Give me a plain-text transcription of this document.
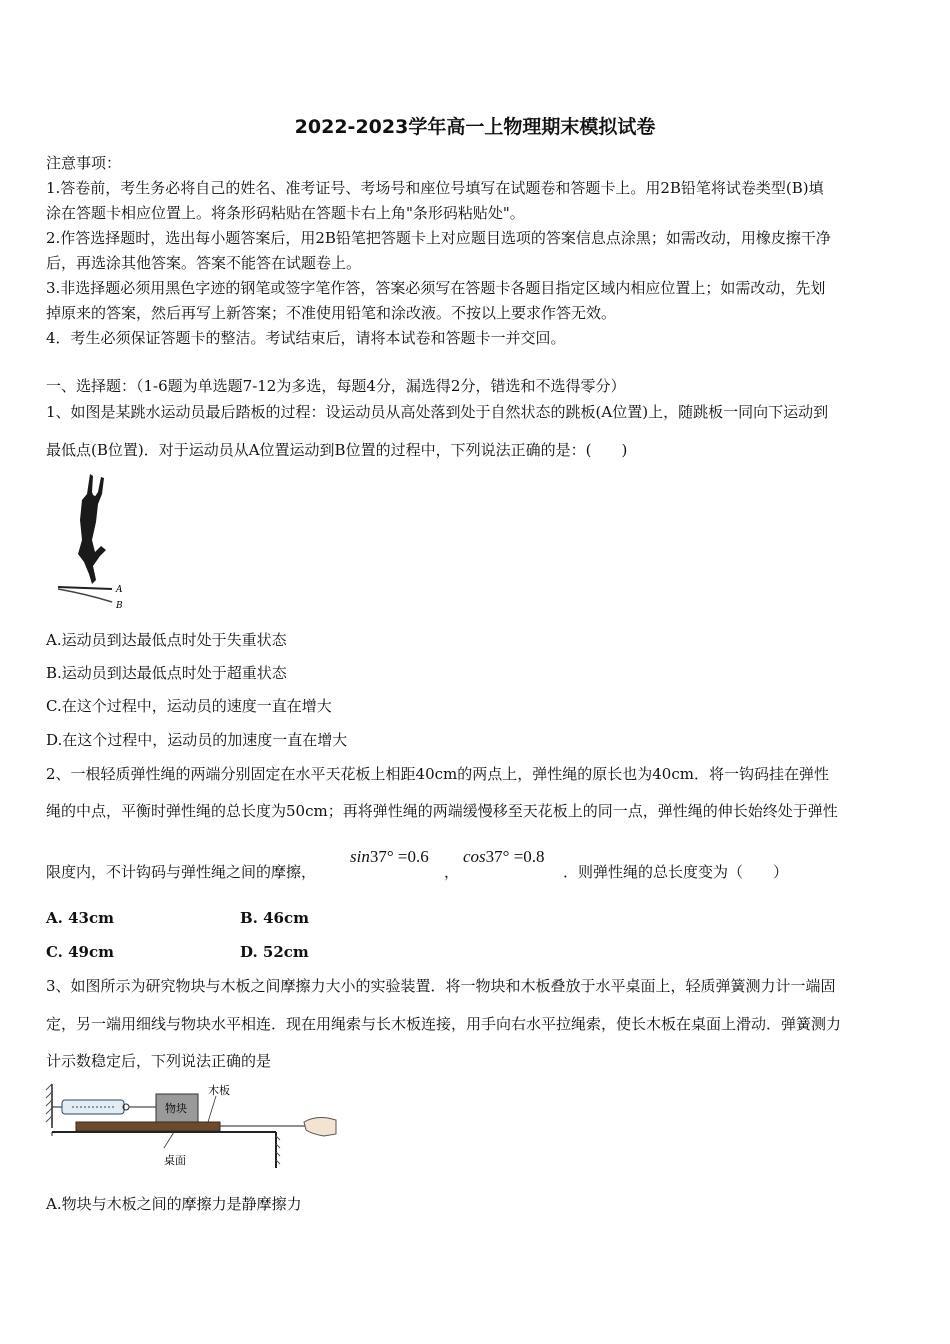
2022-2023学年高一上物理期末模拟试卷
注意事项：
1.答卷前，考生务必将自己的姓名、准考证号、考场号和座位号填写在试题卷和答题卡上。用2B铅笔将试卷类型(B)填
涂在答题卡相应位置上。将条形码粘贴在答题卡右上角"条形码粘贴处"。
2.作答选择题时，选出每小题答案后，用2B铅笔把答题卡上对应题目选项的答案信息点涂黑；如需改动，用橡皮擦干净
后，再选涂其他答案。答案不能答在试题卷上。
3.非选择题必须用黑色字迹的钢笔或签字笔作答，答案必须写在答题卡各题目指定区域内相应位置上；如需改动，先划
掉原来的答案，然后再写上新答案；不准使用铅笔和涂改液。不按以上要求作答无效。
4．考生必须保证答题卡的整洁。考试结束后，请将本试卷和答题卡一并交回。
一、选择题：（1-6题为单选题7-12为多选，每题4分，漏选得2分，错选和不选得零分）
1、如图是某跳水运动员最后踏板的过程：设运动员从高处落到处于自然状态的跳板(A位置)上，随跳板一同向下运动到
最低点(B位置)．对于运动员从A位置运动到B位置的过程中，下列说法正确的是：(　　)
A
B
A.运动员到达最低点时处于失重状态
B.运动员到达最低点时处于超重状态
C.在这个过程中，运动员的速度一直在增大
D.在这个过程中，运动员的加速度一直在增大
2、一根轻质弹性绳的两端分别固定在水平天花板上相距40cm的两点上，弹性绳的原长也为40cm．将一钩码挂在弹性
绳的中点，平衡时弹性绳的总长度为50cm；再将弹性绳的两端缓慢移至天花板上的同一点，弹性绳的伸长始终处于弹性
限度内，不计钩码与弹性绳之间的摩擦，
sin37° =0.6
，
cos37° =0.8
．则弹性绳的总长度变为（　　）
A. 43cm	B. 46cm
C. 49cm	D. 52cm
3、如图所示为研究物块与木板之间摩擦力大小的实验装置．将一物块和木板叠放于水平桌面上，轻质弹簧测力计一端固
定，另一端用细线与物块水平相连．现在用绳索与长木板连接，用手向右水平拉绳索，使长木板在桌面上滑动．弹簧测力
计示数稳定后，下列说法正确的是
物块
木板
桌面
A.物块与木板之间的摩擦力是静摩擦力
